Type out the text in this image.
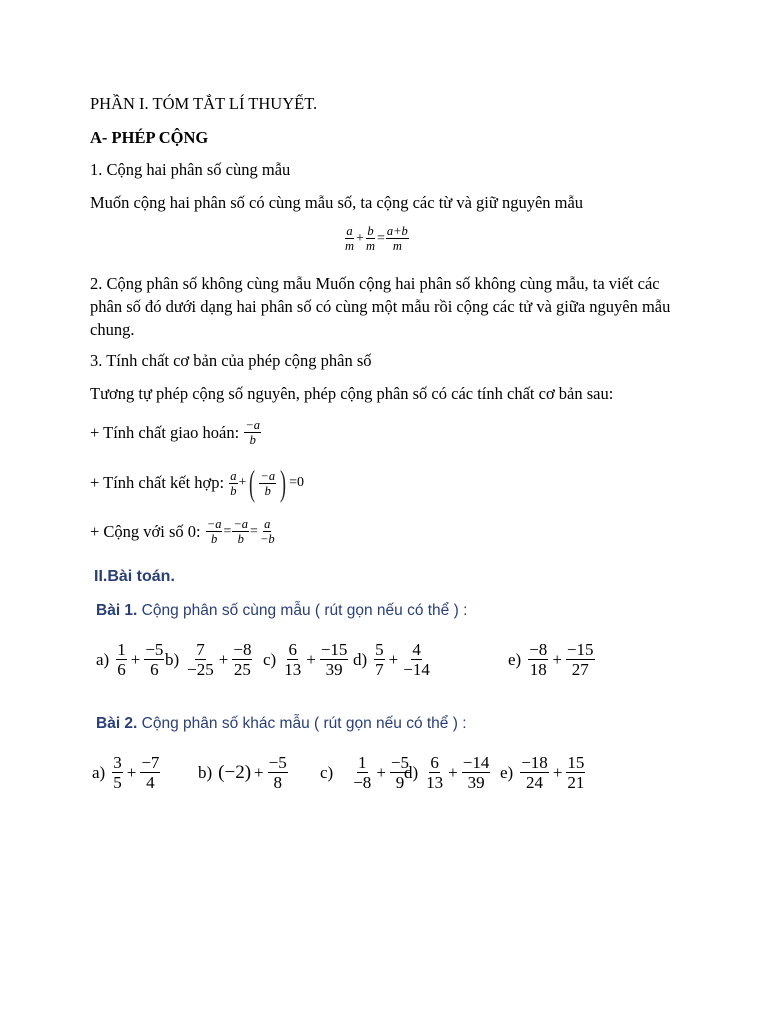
PHẦN I. TÓM TẮT LÍ THUYẾT.
A- PHÉP CỘNG
1. Cộng hai phân số cùng mẫu
Muốn cộng hai phân số có cùng mẫu số, ta cộng các từ và giữ nguyên mẫu
$\frac{a}{m} + \frac{b}{m} = \frac{a+b}{m}$
2. Cộng phân số không cùng mẫu Muốn cộng hai phân số không cùng mẫu, ta viết các phân số đó dưới dạng hai phân số có cùng một mẫu rồi cộng các tử và giữa nguyên mẫu chung.
3. Tính chất cơ bản của phép cộng phân số
Tương tự phép cộng số nguyên, phép cộng phân số có các tính chất cơ bản sau:
+ Tính chất giao hoán:
$\frac{-a}{b}$
+ Tính chất kết hợp:
$\frac{a}{b}$ + ( $\frac{-a}{b}$ ) =0
+ Cộng với số 0:
$\frac{-a}{b} = \frac{-a}{b} = \frac{a}{-b}$
II.Bài toán.
Bài 1. Cộng phân số cùng mẫu ( rút gọn nếu có thể ) :
$a) \frac{1}{6} + \frac{-5}{6} b) \frac{7}{-25} + \frac{-8}{25} c) \frac{6}{13} + \frac{-15}{39} d) \frac{5}{7} + \frac{4}{-14}$	$e) \frac{-8}{18} + \frac{-15}{27}$
Bài 2. Cộng phân số khác mẫu ( rút gọn nếu có thể ) :
$a) \frac{3}{5} + \frac{-7}{4} b$) $(-2) + \frac{-5}{8} c) \frac{1}{-8} + \frac{-5}{9}$
$d) \frac{6}{13} + \frac{-14}{39} e) \frac{-18}{24} + \frac{15}{21}$
